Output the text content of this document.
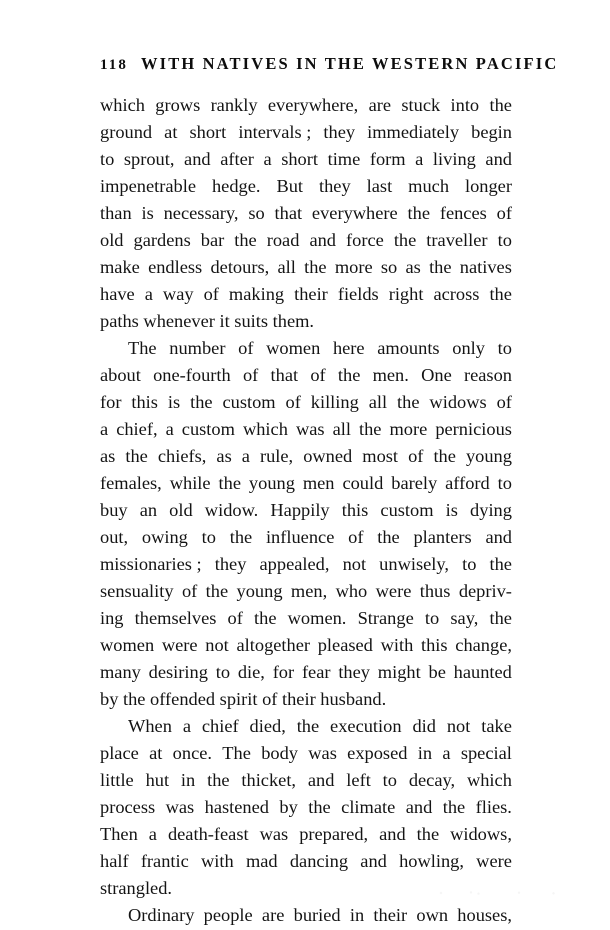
118 WITH NATIVES IN THE WESTERN PACIFIC

which grows rankly everywhere, are stuck into the
ground at short intervals ; they immediately begin
to sprout, and after a short time form a living and
impenetrable hedge. But they last much longer
than is necessary, so that everywhere the fences of
old gardens bar the road and force the traveller to
make endless detours, all the more so as the natives
have a way of making their fields right across the
paths whenever it suits them.

The number of women here amounts only to
about one-fourth of that of the men. One reason
for this is the custom of killing all the widows of
a chief, a custom which was all the more pernicious
as the chiefs, as a rule, owned most of the young
females, while the young men could barely afford to
buy an old widow. Happily this custom is dying
out, owing to the influence of the planters and
missionaries ; they appealed, not unwisely, to the
sensuality of the young men, who were thus depriv-
ing themselves of the women. Strange to say, the
women were not altogether pleased with this change,
many desiring to die, for fear they might be haunted
by the offended spirit of their husband.

When a chief died, the execution did not take
place at once. The body was exposed in a special
little hut in the thicket, and left to decay, which
process was hastened by the climate and the flies.
Then a death-feast was prepared, and the widows,
half frantic with mad dancing and howling, were
strangled.

Ordinary people are buried in their own houses,
